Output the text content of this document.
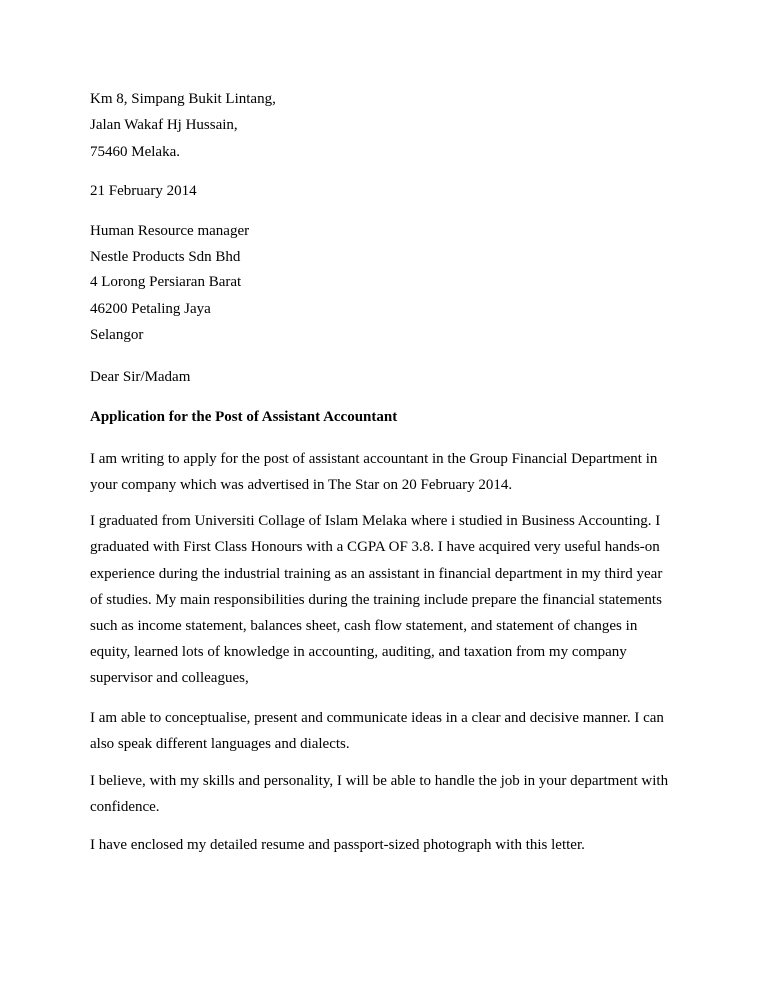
Km 8, Simpang Bukit Lintang,
Jalan Wakaf Hj Hussain,
75460 Melaka.
21 February 2014
Human Resource manager
Nestle Products Sdn Bhd
4 Lorong Persiaran Barat
46200 Petaling Jaya
Selangor
Dear Sir/Madam
Application for the Post of Assistant Accountant
I am writing to apply for the post of assistant accountant in the Group Financial Department in
your company which was advertised in The Star on 20 February 2014.
I graduated from Universiti Collage of Islam Melaka where i studied in Business Accounting. I
graduated with First Class Honours with a CGPA OF 3.8. I have acquired very useful hands-on
experience during the industrial training as an assistant in financial department in my third year
of studies. My main responsibilities during the training include prepare the financial statements
such as income statement, balances sheet, cash flow statement, and statement of changes in
equity, learned lots of knowledge in accounting, auditing, and taxation from my company
supervisor and colleagues,
I am able to conceptualise, present and communicate ideas in a clear and decisive manner. I can
also speak different languages and dialects.
I believe, with my skills and personality, I will be able to handle the job in your department with
confidence.
I have enclosed my detailed resume and passport-sized photograph with this letter.
